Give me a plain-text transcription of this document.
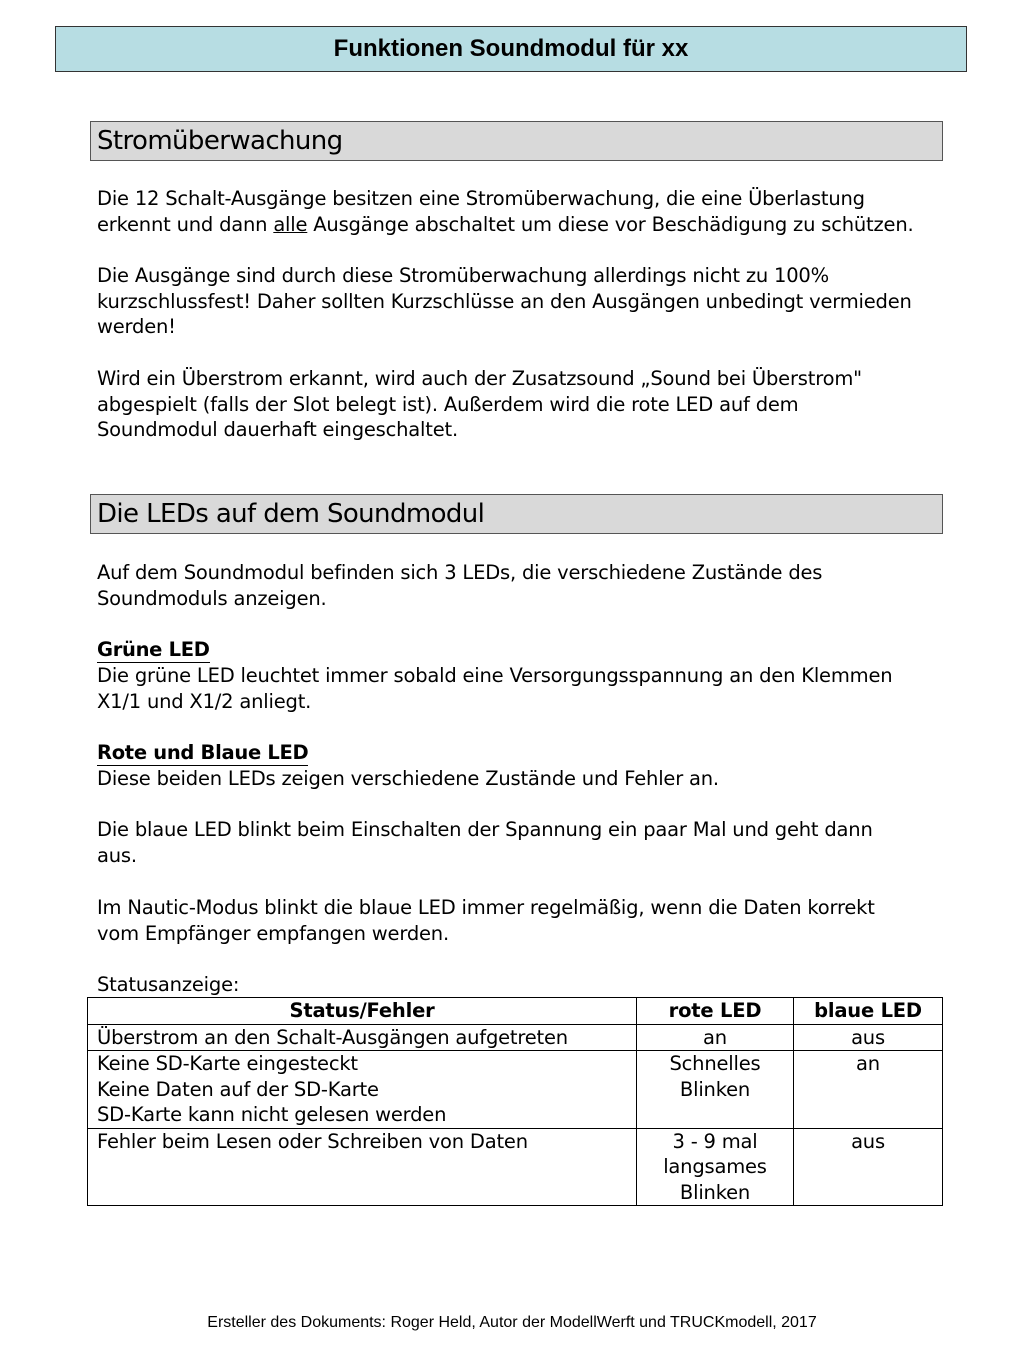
Funktionen Soundmodul für xx
Stromüberwachung

Die 12 Schalt-Ausgänge besitzen eine Stromüberwachung, die eine Überlastung
erkennt und dann alle Ausgänge abschaltet um diese vor Beschädigung zu schützen.

Die Ausgänge sind durch diese Stromüberwachung allerdings nicht zu 100%
kurzschlussfest! Daher sollten Kurzschlüsse an den Ausgängen unbedingt vermieden
werden!

Wird ein Überstrom erkannt, wird auch der Zusatzsound „Sound bei Überstrom"
abgespielt (falls der Slot belegt ist). Außerdem wird die rote LED auf dem
Soundmodul dauerhaft eingeschaltet.

Die LEDs auf dem Soundmodul

Auf dem Soundmodul befinden sich 3 LEDs, die verschiedene Zustände des
Soundmoduls anzeigen.

Grüne LED

Die grüne LED leuchtet immer sobald eine Versorgungsspannung an den Klemmen
X1/1 und X1/2 anliegt.

Rote und Blaue LED

Diese beiden LEDs zeigen verschiedene Zustände und Fehler an.

Die blaue LED blinkt beim Einschalten der Spannung ein paar Mal und geht dann
aus.

Im Nautic-Modus blinkt die blaue LED immer regelmäßig, wenn die Daten korrekt
vom Empfänger empfangen werden.

Statusanzeige:

Status/Fehler	rote LED	blaue LED

Überstrom an den Schalt-Ausgängen aufgetreten	an	aus

Keine SD-Karte eingesteckt
Keine Daten auf der SD-Karte
SD-Karte kann nicht gelesen werden	Schnelles
Blinken	an

Fehler beim Lesen oder Schreiben von Daten	3 - 9 mal
langsames
Blinken	aus
Ersteller des Dokuments: Roger Held, Autor der ModellWerft und TRUCKmodell, 2017
